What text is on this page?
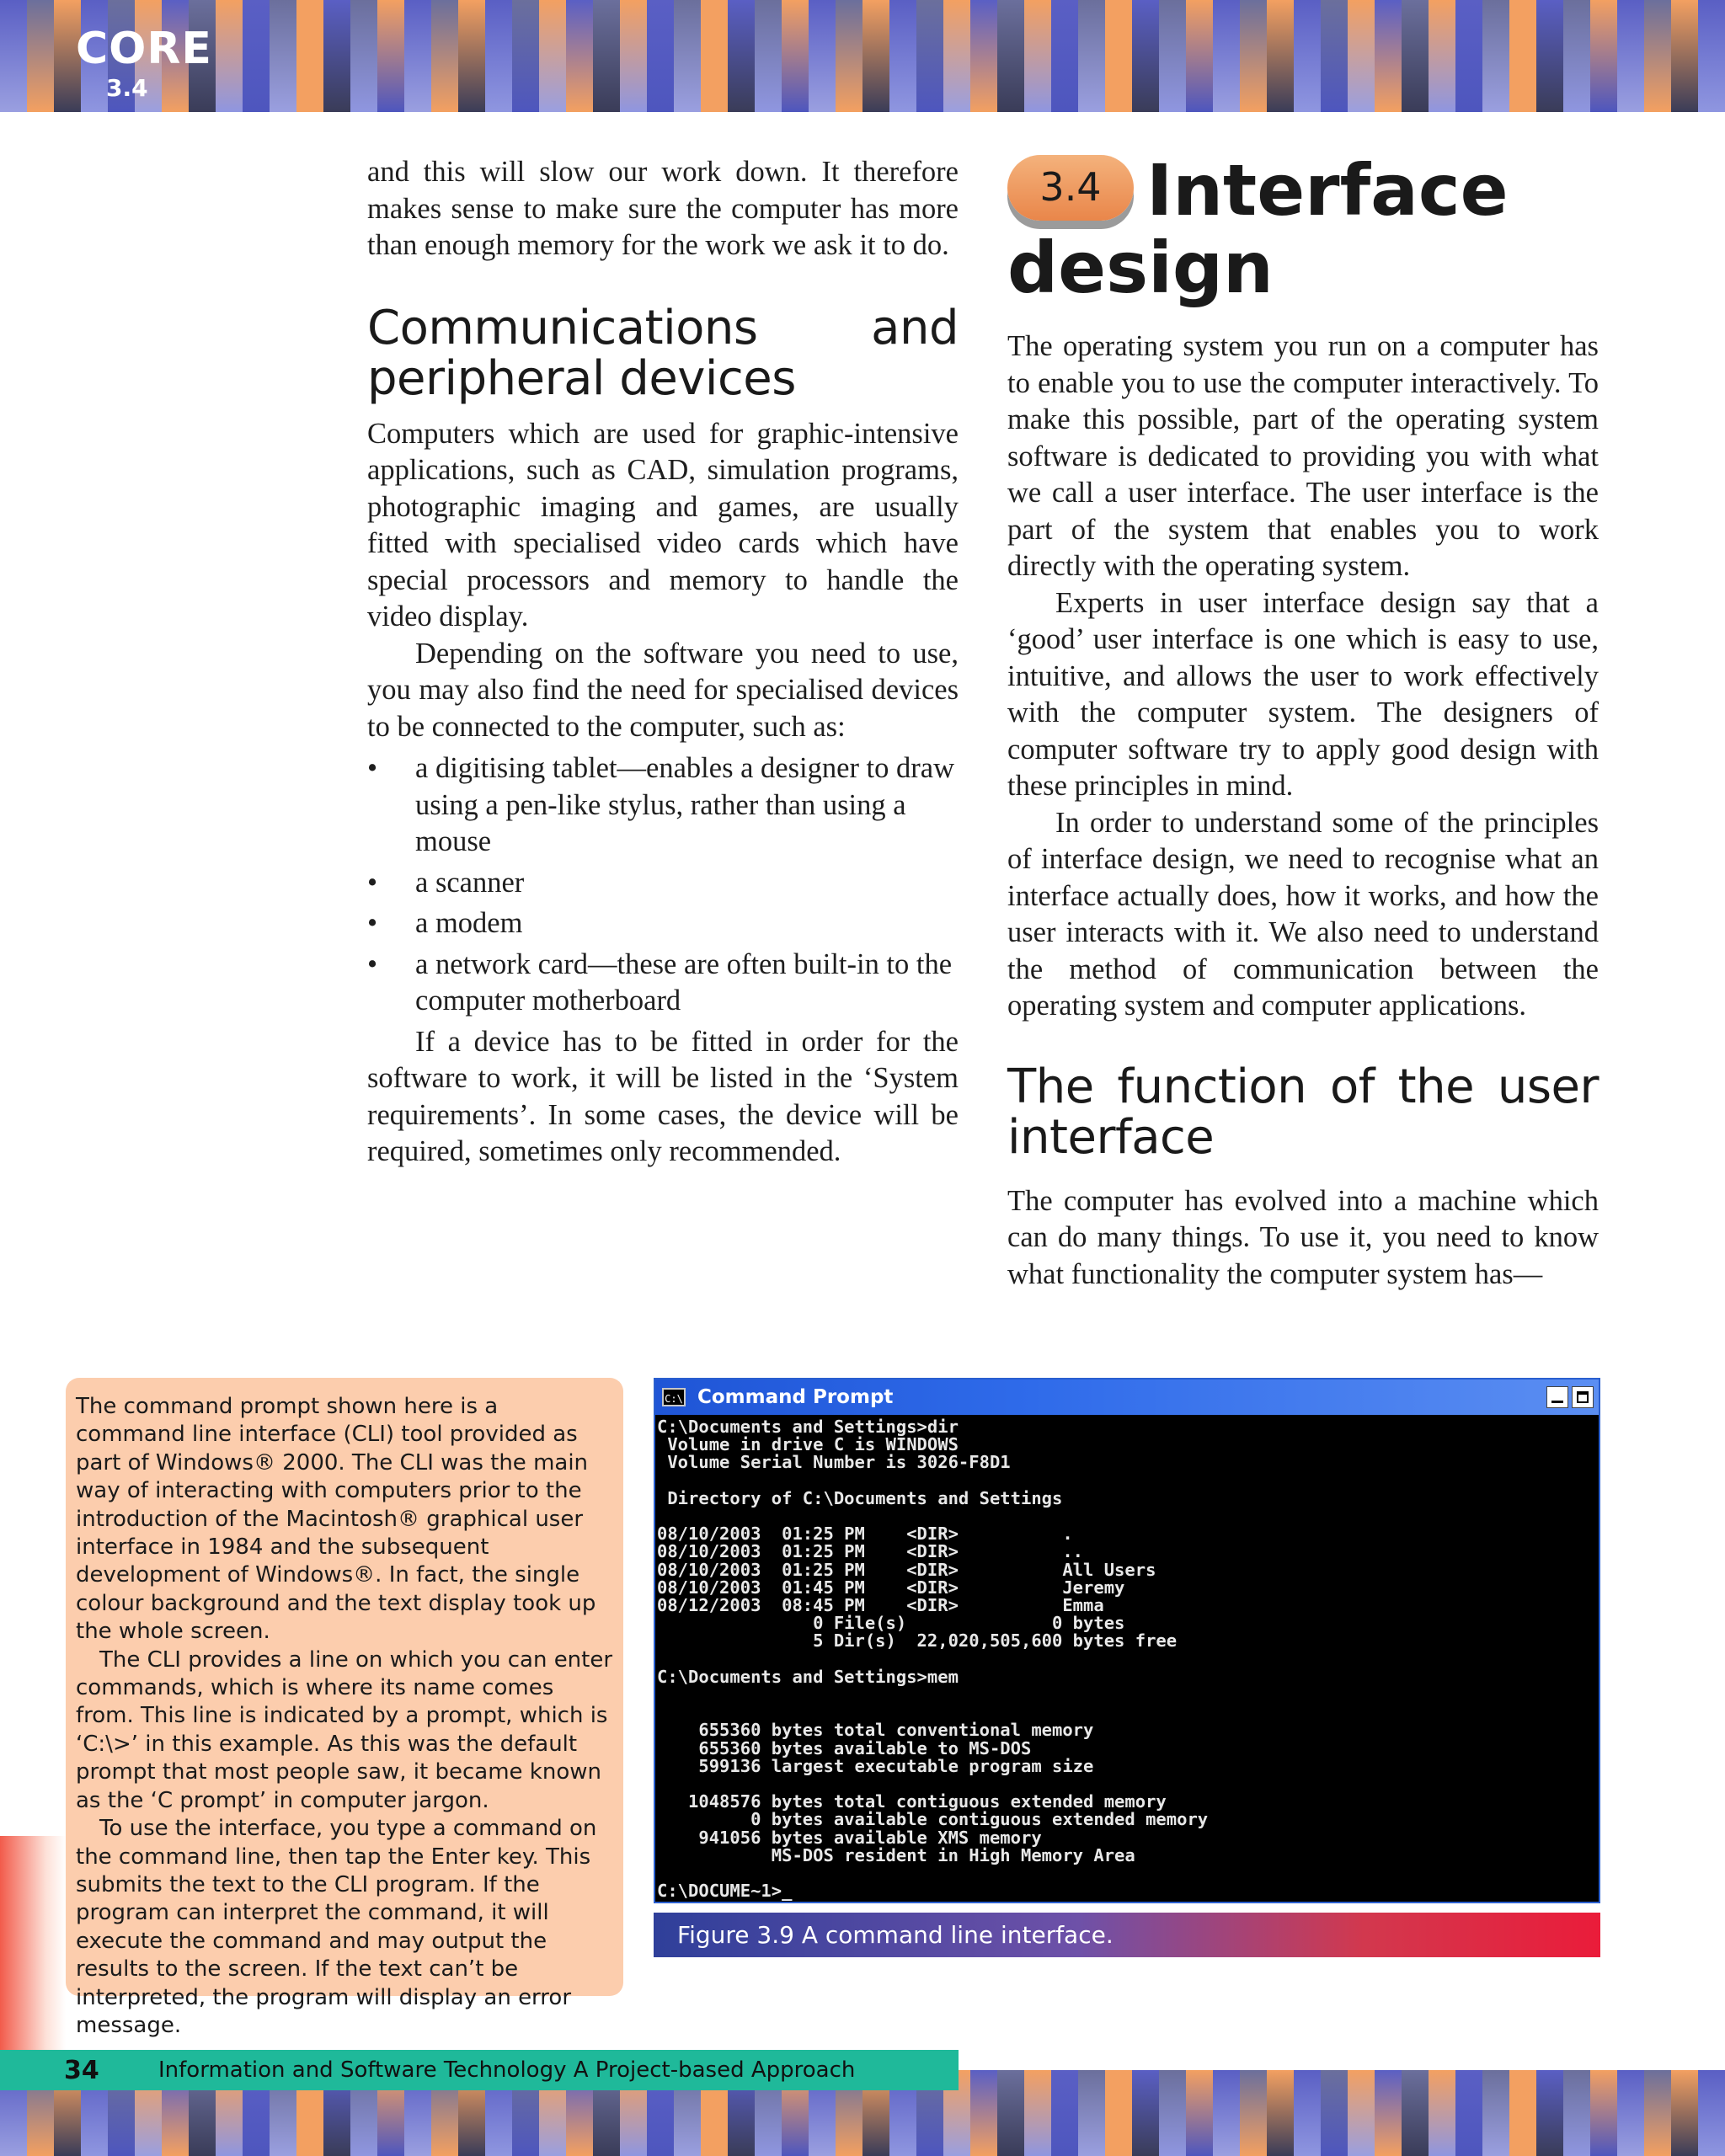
CORE
3.4

and this will slow our work down. It therefore makes sense to make sure the computer has more than enough memory for the work we ask it to do.

Communications and peripheral devices

Computers which are used for graphic-intensive applications, such as CAD, simulation programs, photographic imaging and games, are usually fitted with specialised video cards which have special processors and memory to handle the video display.

Depending on the software you need to use, you may also find the need for specialised devices to be connected to the computer, such as:

• a digitising tablet—enables a designer to draw using a pen-like stylus, rather than using a mouse
• a scanner
• a modem
• a network card—these are often built-in to the computer motherboard

If a device has to be fitted in order for the software to work, it will be listed in the ‘System requirements’. In some cases, the device will be required, sometimes only recommended.

3.4 Interface
design

The operating system you run on a computer has to enable you to use the computer interactively. To make this possible, part of the operating system software is dedicated to providing you with what we call a user interface. The user interface is the part of the system that enables you to work directly with the operating system.

Experts in user interface design say that a ‘good’ user interface is one which is easy to use, intuitive, and allows the user to work effectively with the computer system. The designers of computer software try to apply good design with these principles in mind.

In order to understand some of the principles of interface design, we need to recognise what an interface actually does, how it works, and how the user interacts with it. We also need to understand the method of communication between the operating system and computer applications.

The function of the user interface

The computer has evolved into a machine which can do many things. To use it, you need to know what functionality the computer system has—

The command prompt shown here is a command line interface (CLI) tool provided as part of Windows® 2000. The CLI was the main way of interacting with computers prior to the introduction of the Macintosh® graphical user interface in 1984 and the subsequent development of Windows®. In fact, the single colour background and the text display took up the whole screen.

The CLI provides a line on which you can enter commands, which is where its name comes from. This line is indicated by a prompt, which is ‘C:\>’ in this example. As this was the default prompt that most people saw, it became known as the ‘C prompt’ in computer jargon.

To use the interface, you type a command on the command line, then tap the Enter key. This submits the text to the CLI program. If the program can interpret the command, it will execute the command and may output the results to the screen. If the text can’t be interpreted, the program will display an error message.

C:\ Command Prompt
C:\Documents and Settings>dir
Volume in drive C is WINDOWS
Volume Serial Number is 3026-F8D1

Directory of C:\Documents and Settings

08/10/2003  01:25 PM    <DIR>          .
08/10/2003  01:25 PM    <DIR>          ..
08/10/2003  01:25 PM    <DIR>          All Users
08/10/2003  01:45 PM    <DIR>          Jeremy
08/12/2003  08:45 PM    <DIR>          Emma
0 File(s)              0 bytes
5 Dir(s)  22,020,505,600 bytes free

C:\Documents and Settings>mem

655360 bytes total conventional memory
655360 bytes available to MS-DOS
599136 largest executable program size

1048576 bytes total contiguous extended memory
0 bytes available contiguous extended memory
941056 bytes available XMS memory
MS-DOS resident in High Memory Area

C:\DOCUME~1>_
Figure 3.9 A command line interface.
34	Information and Software Technology A Project-based Approach
